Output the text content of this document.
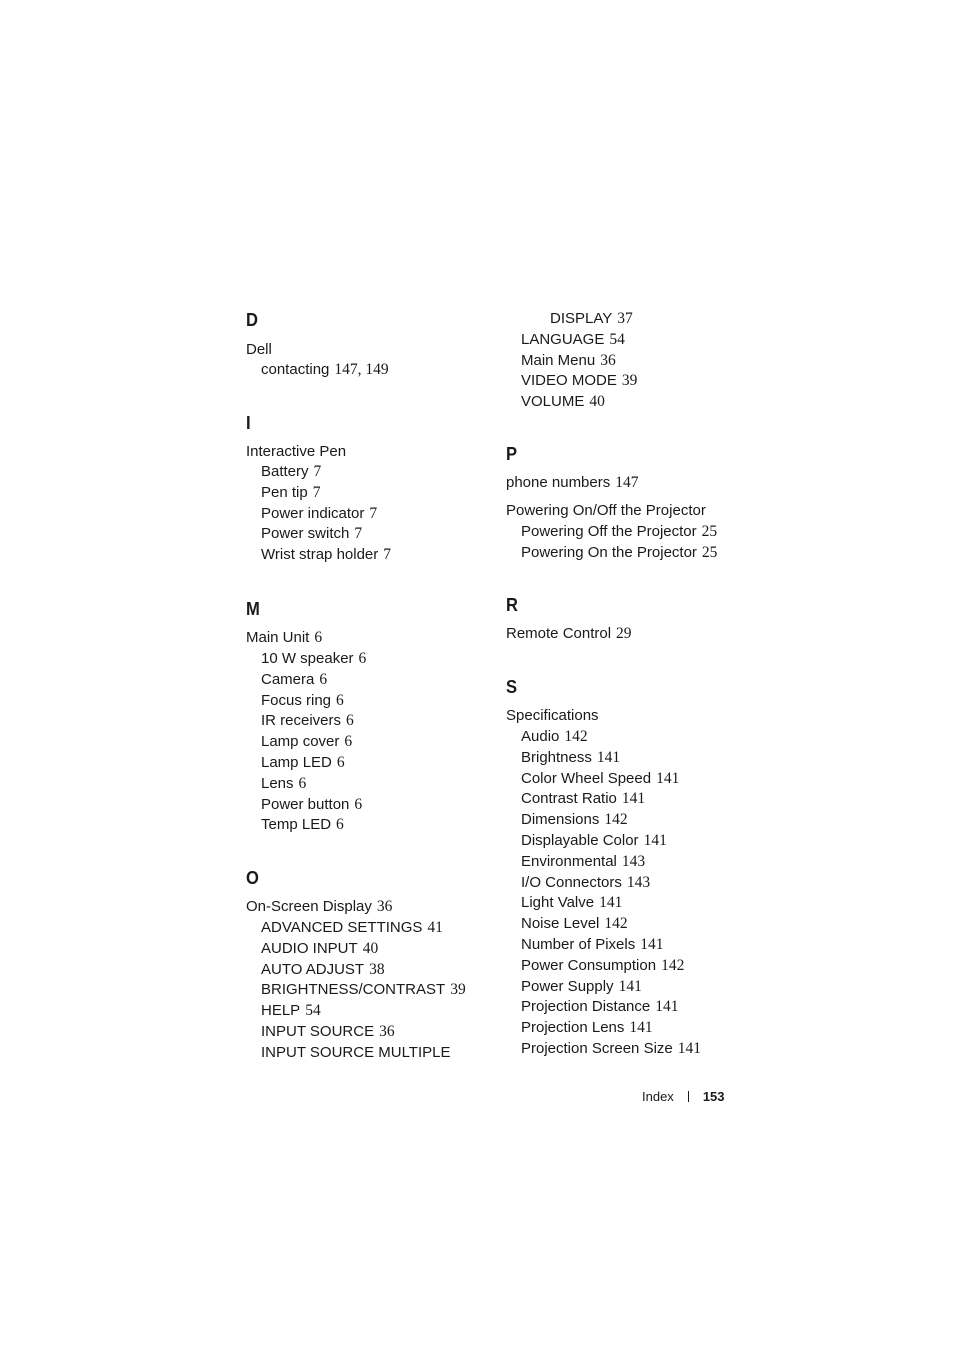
D
Dell
contacting 147, 149
I
Interactive Pen
Battery 7
Pen tip 7
Power indicator 7
Power switch 7
Wrist strap holder 7
M
Main Unit 6
10 W speaker 6
Camera 6
Focus ring 6
IR receivers 6
Lamp cover 6
Lamp LED 6
Lens 6
Power button 6
Temp LED 6
O
On-Screen Display 36
ADVANCED SETTINGS 41
AUDIO INPUT 40
AUTO ADJUST 38
BRIGHTNESS/CONTRAST 39
HELP 54
INPUT SOURCE 36
INPUT SOURCE MULTIPLE
DISPLAY 37
LANGUAGE 54
Main Menu 36
VIDEO MODE 39
VOLUME 40
P
phone numbers 147
Powering On/Off the Projector
Powering Off the Projector 25
Powering On the Projector 25
R
Remote Control 29
S
Specifications
Audio 142
Brightness 141
Color Wheel Speed 141
Contrast Ratio 141
Dimensions 142
Displayable Color 141
Environmental 143
I/O Connectors 143
Light Valve 141
Noise Level 142
Number of Pixels 141
Power Consumption 142
Power Supply 141
Projection Distance 141
Projection Lens 141
Projection Screen Size 141
Index 153
